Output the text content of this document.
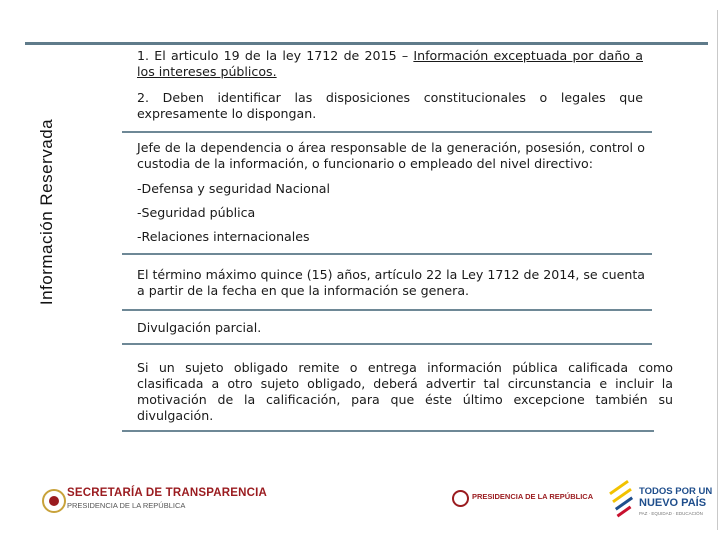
Información Reservada
1. El articulo 19 de la ley 1712 de 2015 – Información exceptuada por daño a los intereses públicos.
2. Deben identificar las disposiciones constitucionales o legales que expresamente lo dispongan.
Jefe de la dependencia o área responsable de la generación, posesión, control o custodia de la información, o funcionario o empleado del nivel directivo:
-Defensa y seguridad Nacional
-Seguridad pública
-Relaciones internacionales
El término máximo quince (15) años, artículo 22 la Ley 1712 de 2014, se cuenta a partir de la fecha en que la información se genera.
Divulgación parcial.
Si un sujeto obligado remite o entrega información pública calificada como clasificada a otro sujeto obligado, deberá advertir tal circunstancia e incluir la motivación de la calificación, para que éste último excepcione también su divulgación.
SECRETARÍA DE TRANSPARENCIA
PRESIDENCIA DE LA REPÚBLICA
PRESIDENCIA DE LA REPÚBLICA	TODOS POR UN
NUEVO PAÍS
PAZ · EQUIDAD · EDUCACIÓN
